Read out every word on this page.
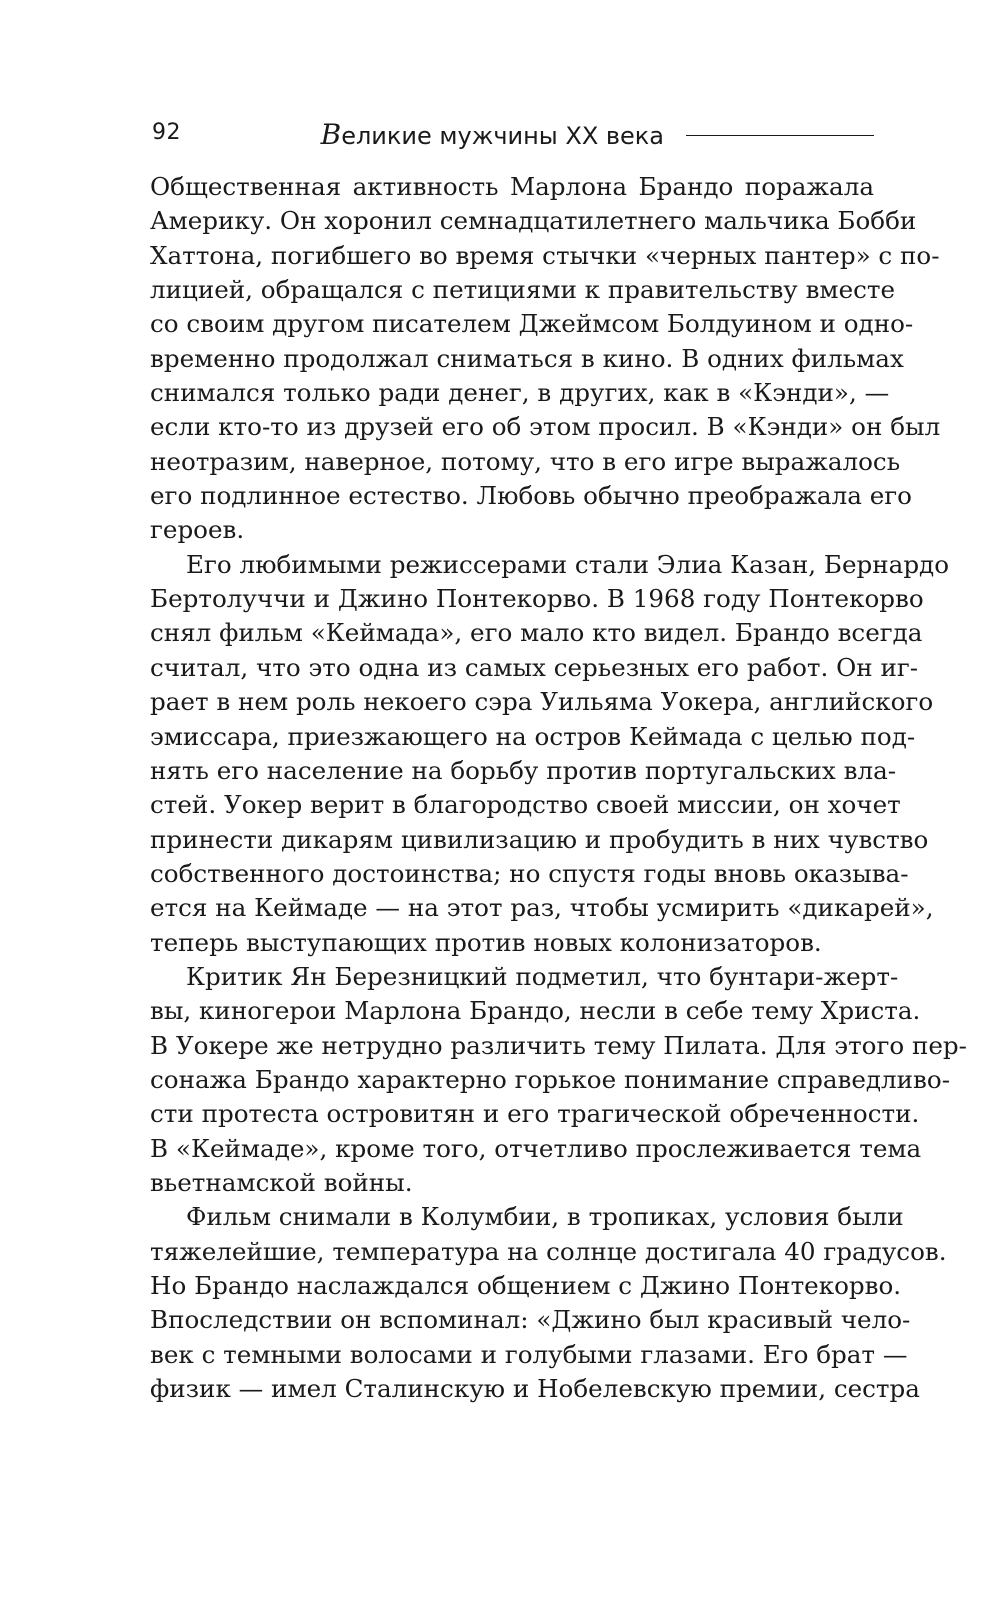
92	Великие мужчины XX века
Общественная активность Марлона Брандо поражала
Америку. Он хоронил семнадцатилетнего мальчика Бобби
Хаттона, погибшего во время стычки «черных пантер» с по-
лицией, обращался с петициями к правительству вместе
со своим другом писателем Джеймсом Болдуином и одно-
временно продолжал сниматься в кино. В одних фильмах
снимался только ради денег, в других, как в «Кэнди», —
если кто-то из друзей его об этом просил. В «Кэнди» он был
неотразим, наверное, потому, что в его игре выражалось
его подлинное естество. Любовь обычно преображала его
героев.
Его любимыми режиссерами стали Элиа Казан, Бернардо
Бертолуччи и Джино Понтекорво. В 1968 году Понтекорво
снял фильм «Кеймада», его мало кто видел. Брандо всегда
считал, что это одна из самых серьезных его работ. Он иг-
рает в нем роль некоего сэра Уильяма Уокера, английского
эмиссара, приезжающего на остров Кеймада с целью под-
нять его население на борьбу против португальских вла-
стей. Уокер верит в благородство своей миссии, он хочет
принести дикарям цивилизацию и пробудить в них чувство
собственного достоинства; но спустя годы вновь оказыва-
ется на Кеймаде — на этот раз, чтобы усмирить «дикарей»,
теперь выступающих против новых колонизаторов.
Критик Ян Березницкий подметил, что бунтари-жерт-
вы, киногерои Марлона Брандо, несли в себе тему Христа.
В Уокере же нетрудно различить тему Пилата. Для этого пер-
сонажа Брандо характерно горькое понимание справедливо-
сти протеста островитян и его трагической обреченности.
В «Кеймаде», кроме того, отчетливо прослеживается тема
вьетнамской войны.
Фильм снимали в Колумбии, в тропиках, условия были
тяжелейшие, температура на солнце достигала 40 градусов.
Но Брандо наслаждался общением с Джино Понтекорво.
Впоследствии он вспоминал: «Джино был красивый чело-
век с темными волосами и голубыми глазами. Его брат —
физик — имел Сталинскую и Нобелевскую премии, сестра
